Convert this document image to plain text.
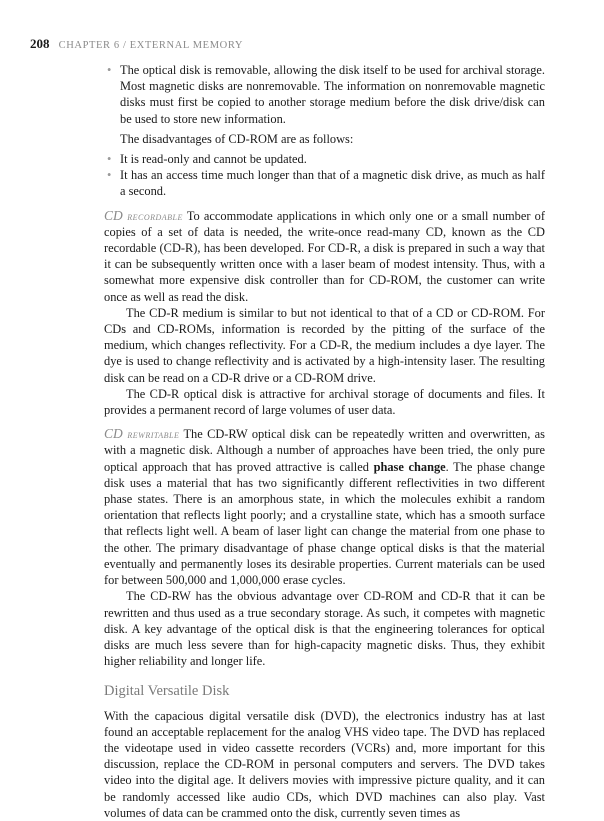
208 CHAPTER 6 / EXTERNAL MEMORY
• The optical disk is removable, allowing the disk itself to be used for archival storage. Most magnetic disks are nonremovable. The information on nonremovable magnetic disks must first be copied to another storage medium before the disk drive/disk can be used to store new information.

The disadvantages of CD-ROM are as follows:

• It is read-only and cannot be updated.
• It has an access time much longer than that of a magnetic disk drive, as much as half a second.

CD recordable To accommodate applications in which only one or a small number of copies of a set of data is needed, the write-once read-many CD, known as the CD recordable (CD-R), has been developed. For CD-R, a disk is prepared in such a way that it can be subsequently written once with a laser beam of modest intensity. Thus, with a somewhat more expensive disk controller than for CD-ROM, the customer can write once as well as read the disk.

The CD-R medium is similar to but not identical to that of a CD or CD-ROM. For CDs and CD-ROMs, information is recorded by the pitting of the surface of the medium, which changes reflectivity. For a CD-R, the medium includes a dye layer. The dye is used to change reflectivity and is activated by a high-intensity laser. The resulting disk can be read on a CD-R drive or a CD-ROM drive.

The CD-R optical disk is attractive for archival storage of documents and files. It provides a permanent record of large volumes of user data.

CD rewritable The CD-RW optical disk can be repeatedly written and overwritten, as with a magnetic disk. Although a number of approaches have been tried, the only pure optical approach that has proved attractive is called phase change. The phase change disk uses a material that has two significantly different reflectivities in two different phase states. There is an amorphous state, in which the molecules exhibit a random orientation that reflects light poorly; and a crystalline state, which has a smooth surface that reflects light well. A beam of laser light can change the material from one phase to the other. The primary disadvantage of phase change optical disks is that the material eventually and permanently loses its desirable properties. Current materials can be used for between 500,000 and 1,000,000 erase cycles.

The CD-RW has the obvious advantage over CD-ROM and CD-R that it can be rewritten and thus used as a true secondary storage. As such, it competes with magnetic disk. A key advantage of the optical disk is that the engineering tolerances for optical disks are much less severe than for high-capacity magnetic disks. Thus, they exhibit higher reliability and longer life.

Digital Versatile Disk

With the capacious digital versatile disk (DVD), the electronics industry has at last found an acceptable replacement for the analog VHS video tape. The DVD has replaced the videotape used in video cassette recorders (VCRs) and, more important for this discussion, replace the CD-ROM in personal computers and servers. The DVD takes video into the digital age. It delivers movies with impressive picture quality, and it can be randomly accessed like audio CDs, which DVD machines can also play. Vast volumes of data can be crammed onto the disk, currently seven times as
